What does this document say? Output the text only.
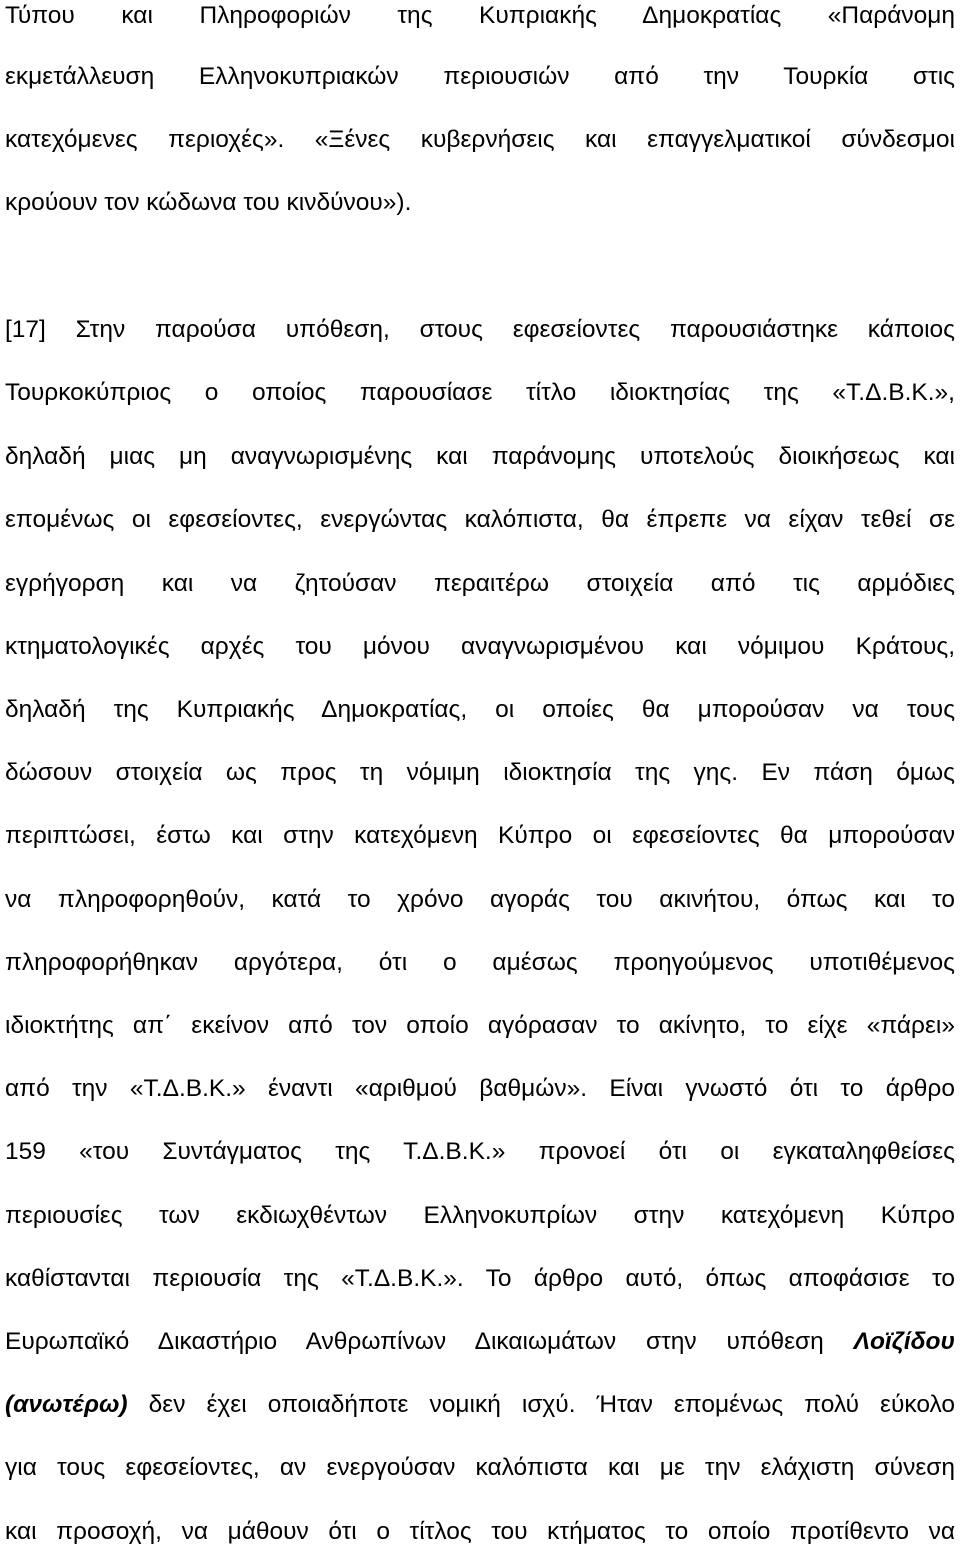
Τύπου και Πληροφοριών της Κυπριακής Δημοκρατίας «Παράνομη
εκμετάλλευση Ελληνοκυπριακών περιουσιών από την Τουρκία στις
κατεχόμενες περιοχές». «Ξένες κυβερνήσεις και επαγγελματικοί σύνδεσμοι
κρούουν τον κώδωνα του κινδύνου»).
[17] Στην παρούσα υπόθεση, στους εφεσείοντες παρουσιάστηκε κάποιος
Τουρκοκύπριος ο οποίος παρουσίασε τίτλο ιδιοκτησίας της «Τ.Δ.Β.Κ.»,
δηλαδή μιας μη αναγνωρισμένης και παράνομης υποτελούς διοικήσεως και
επομένως οι εφεσείοντες, ενεργώντας καλόπιστα, θα έπρεπε να είχαν τεθεί σε
εγρήγορση και να ζητούσαν περαιτέρω στοιχεία από τις αρμόδιες
κτηματολογικές αρχές του μόνου αναγνωρισμένου και νόμιμου Κράτους,
δηλαδή της Κυπριακής Δημοκρατίας, οι οποίες θα μπορούσαν να τους
δώσουν στοιχεία ως προς τη νόμιμη ιδιοκτησία της γης. Εν πάση όμως
περιπτώσει, έστω και στην κατεχόμενη Κύπρο οι εφεσείοντες θα μπορούσαν
να πληροφορηθούν, κατά το χρόνο αγοράς του ακινήτου, όπως και το
πληροφορήθηκαν αργότερα, ότι ο αμέσως προηγούμενος υποτιθέμενος
ιδιοκτήτης απ΄ εκείνον από τον οποίο αγόρασαν το ακίνητο, το είχε «πάρει»
από την «Τ.Δ.Β.Κ.» έναντι «αριθμού βαθμών». Είναι γνωστό ότι το άρθρο
159 «του Συντάγματος της Τ.Δ.Β.Κ.» προνοεί ότι οι εγκαταληφθείσες
περιουσίες των εκδιωχθέντων Ελληνοκυπρίων στην κατεχόμενη Κύπρο
καθίστανται περιουσία της «Τ.Δ.Β.Κ.». Το άρθρο αυτό, όπως αποφάσισε το
Ευρωπαϊκό Δικαστήριο Ανθρωπίνων Δικαιωμάτων στην υπόθεση Λοϊζίδου
(ανωτέρω) δεν έχει οποιαδήποτε νομική ισχύ. Ήταν επομένως πολύ εύκολο
για τους εφεσείοντες, αν ενεργούσαν καλόπιστα και με την ελάχιστη σύνεση
και προσοχή, να μάθουν ότι ο τίτλος του κτήματος το οποίο προτίθεντο να
